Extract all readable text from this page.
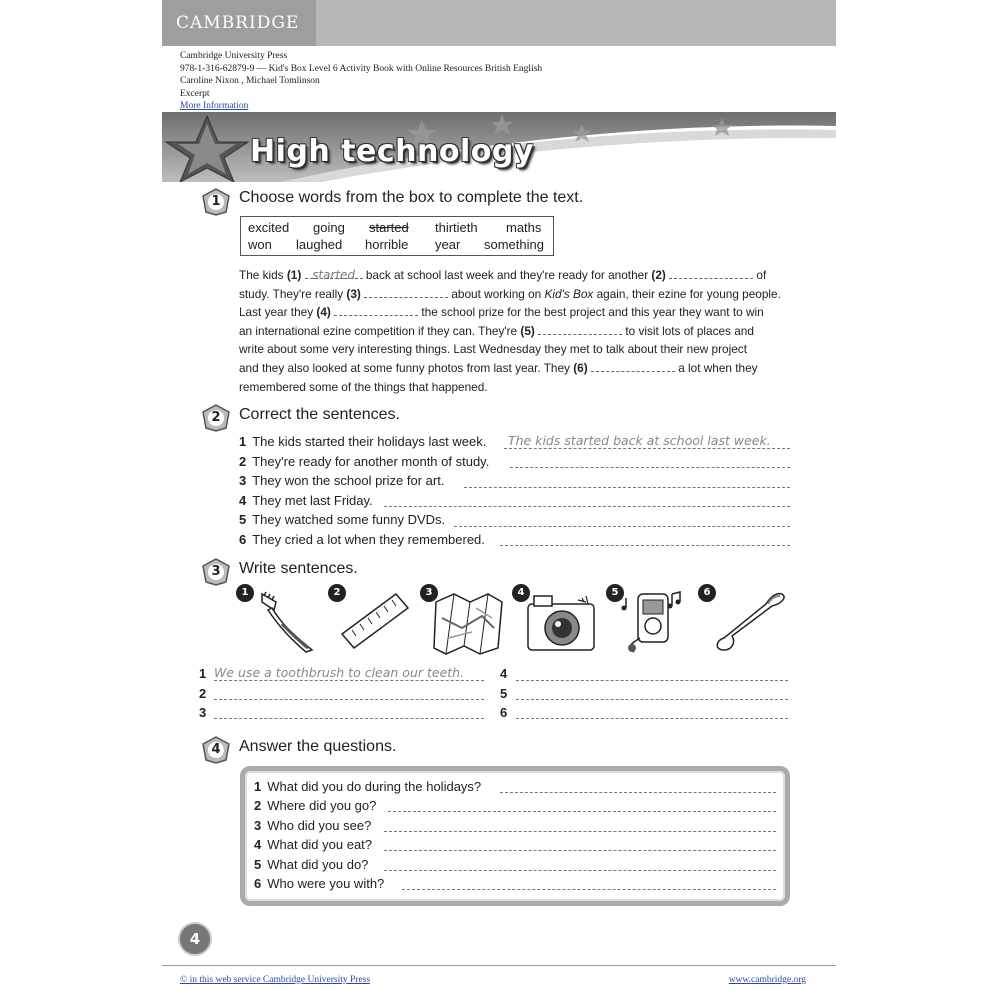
CAMBRIDGE
Cambridge University Press
978-1-316-62879-9 — Kid's Box Level 6 Activity Book with Online Resources British English
Caroline Nixon , Michael Tomlinson
Excerpt
More Information
High technology
1	Choose words from the box to complete the text.
excited going started thirtieth maths
won laughed horrible year something
The kids (1) started back at school last week and they're ready for another (2)	of
study. They're really (3)	about working on Kid's Box again, their ezine for young people.
Last year they (4)	the school prize for the best project and this year they want to win
an international ezine competition if they can. They're (5)	to visit lots of places and
write about some very interesting things. Last Wednesday they met to talk about their new project
and they also looked at some funny photos from last year. They (6)	a lot when they
remembered some of the things that happened.
2	Correct the sentences.
1 The kids started their holidays last week. The kids started back at school last week.
2 They're ready for another month of study.
3 They won the school prize for art.
4 They met last Friday.
5 They watched some funny DVDs.
6 They cried a lot when they remembered.
3	Write sentences.
1	2	3	4	5	6
1 We use a toothbrush to clean our teeth.
2
3
4
5
6
4	Answer the questions.
1 What did you do during the holidays?
2 Where did you go?
3 Who did you see?
4 What did you eat?
5 What did you do?
6 Who were you with?
4
© in this web service Cambridge University Press	www.cambridge.org
